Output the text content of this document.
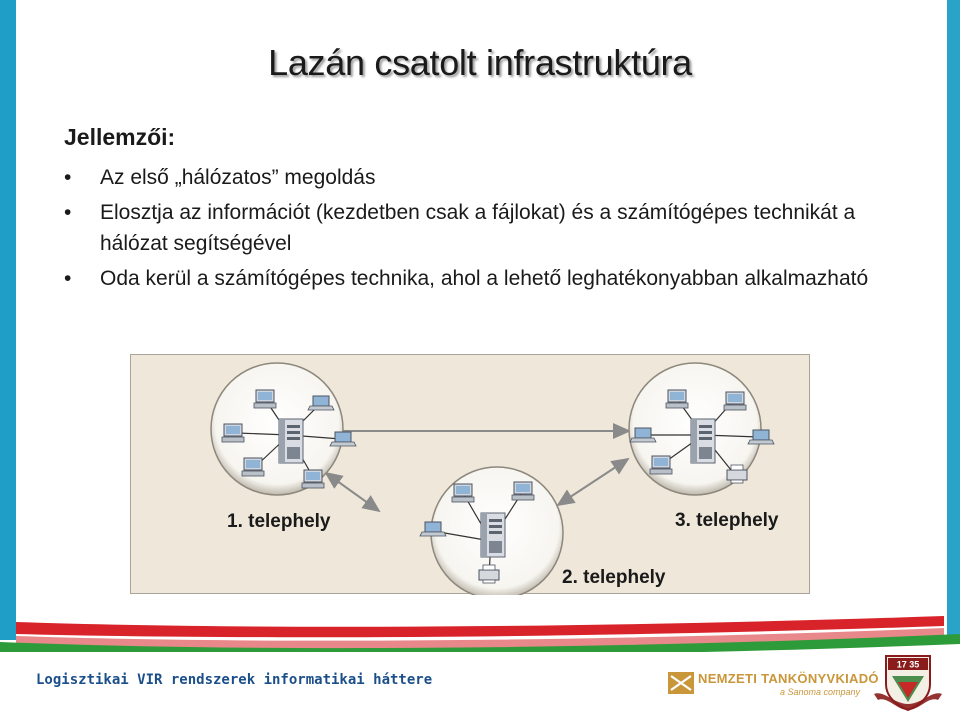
Lazán csatolt infrastruktúra
Jellemzői:
• Az első „hálózatos” megoldás
• Elosztja az információt (kezdetben csak a fájlokat) és a számítógépes technikát a hálózat segítségével
• Oda kerül a számítógépes technika, ahol a lehető leghatékonyabban alkalmazható
1. telephely
2. telephely
3. telephely
Logisztikai VIR rendszerek informatikai háttere	NEMZETI TANKÖNYVKIADÓ
a Sanoma company
17 35
